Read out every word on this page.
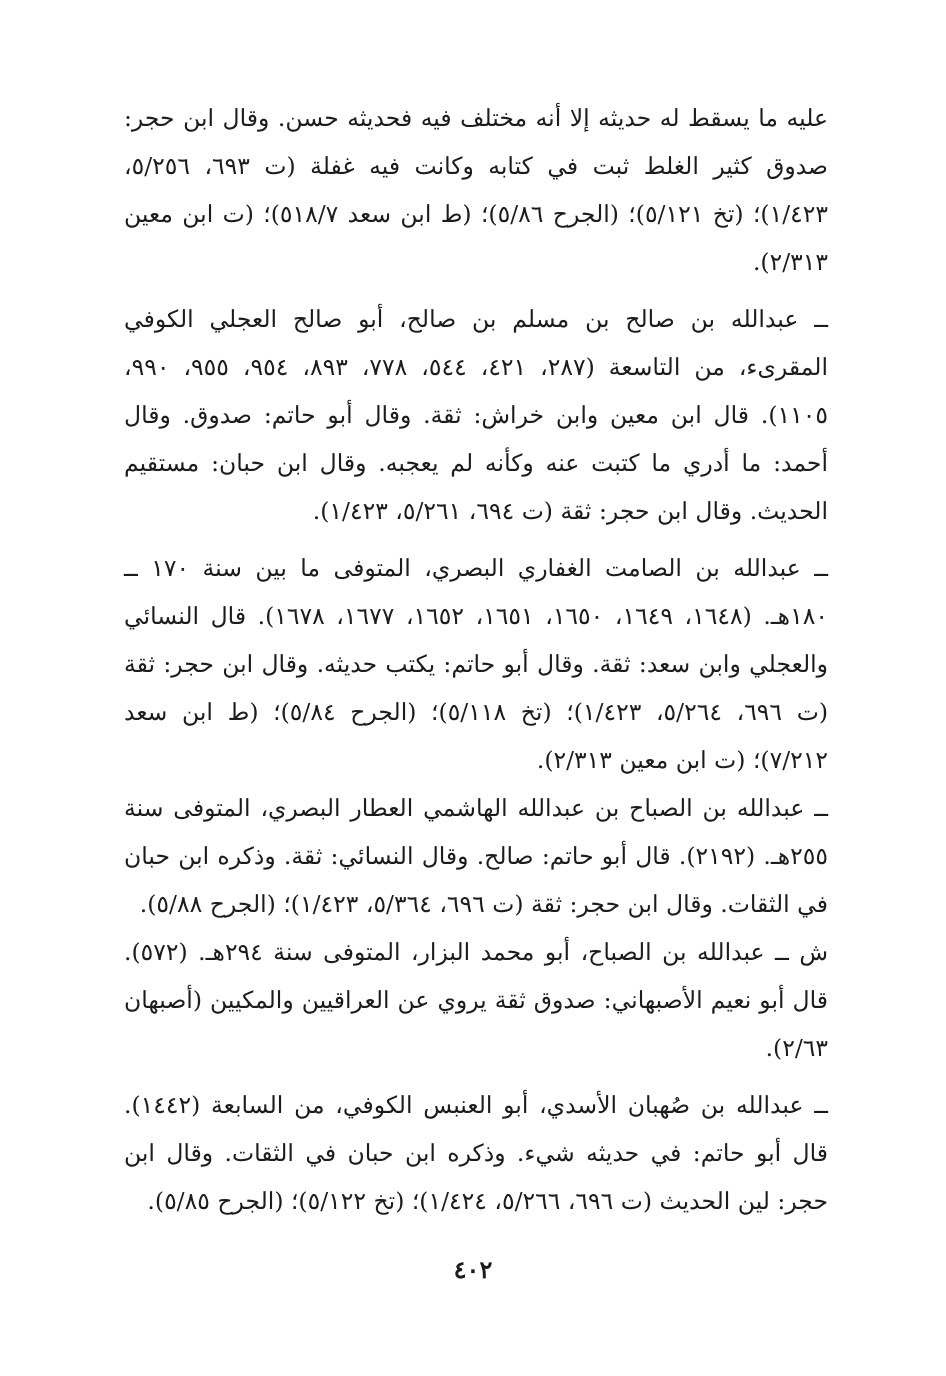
عليه ما يسقط له حديثه إلا أنه مختلف فيه فحديثه حسن. وقال ابن حجر: صدوق كثير الغلط ثبت في كتابه وكانت فيه غفلة (ت ٦٩٣، ٥/٢٥٦، ١/٤٢٣)؛ (تخ ٥/١٢١)؛ (الجرح ٥/٨٦)؛ (ط ابن سعد ٥١٨/٧)؛ (ت ابن معين ٢/٣١٣).

ــ عبدالله بن صالح بن مسلم بن صالح، أبو صالح العجلي الكوفي المقرىء، من التاسعة (٢٨٧، ٤٢١، ٥٤٤، ٧٧٨، ٨٩٣، ٩٥٤، ٩٥٥، ٩٩٠، ١١٠٥). قال ابن معين وابن خراش: ثقة. وقال أبو حاتم: صدوق. وقال أحمد: ما أدري ما كتبت عنه وكأنه لم يعجبه. وقال ابن حبان: مستقيم الحديث. وقال ابن حجر: ثقة (ت ٦٩٤، ٥/٢٦١، ١/٤٢٣).

ــ عبدالله بن الصامت الغفاري البصري، المتوفى ما بين سنة ١٧٠ ــ ١٨٠هـ. (١٦٤٨، ١٦٤٩، ١٦٥٠، ١٦٥١، ١٦٥٢، ١٦٧٧، ١٦٧٨). قال النسائي والعجلي وابن سعد: ثقة. وقال أبو حاتم: يكتب حديثه. وقال ابن حجر: ثقة (ت ٦٩٦، ٥/٢٦٤، ١/٤٢٣)؛ (تخ ٥/١١٨)؛ (الجرح ٥/٨٤)؛ (ط ابن سعد ٧/٢١٢)؛ (ت ابن معين ٢/٣١٣).

ــ عبدالله بن الصباح بن عبدالله الهاشمي العطار البصري، المتوفى سنة ٢٥٥هـ. (٢١٩٢). قال أبو حاتم: صالح. وقال النسائي: ثقة. وذكره ابن حبان في الثقات. وقال ابن حجر: ثقة (ت ٦٩٦، ٥/٣٦٤، ١/٤٢٣)؛ (الجرح ٥/٨٨).

ش ــ عبدالله بن الصباح، أبو محمد البزار، المتوفى سنة ٢٩٤هـ. (٥٧٢). قال أبو نعيم الأصبهاني: صدوق ثقة يروي عن العراقيين والمكيين (أصبهان ٢/٦٣).

ــ عبدالله بن صُهبان الأسدي، أبو العنبس الكوفي، من السابعة (١٤٤٢). قال أبو حاتم: في حديثه شيء. وذكره ابن حبان في الثقات. وقال ابن حجر: لين الحديث (ت ٦٩٦، ٥/٢٦٦، ١/٤٢٤)؛ (تخ ٥/١٢٢)؛ (الجرح ٥/٨٥).

٤٠٢
